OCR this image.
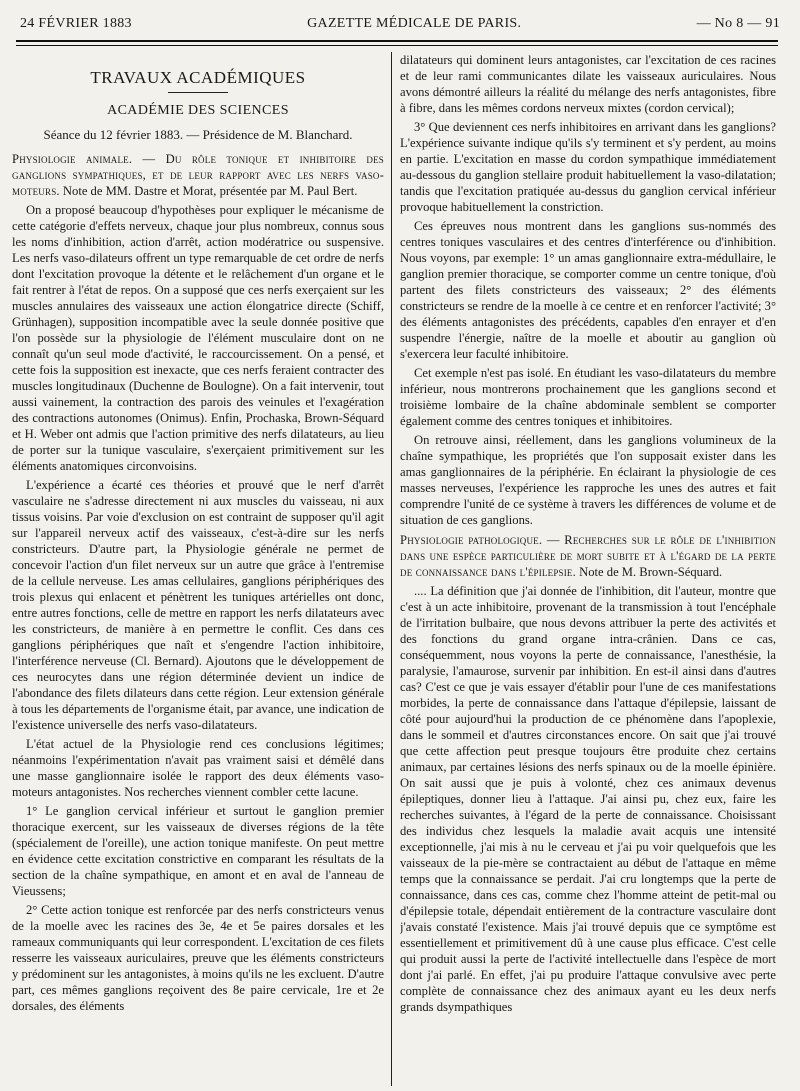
24 FÉVRIER 1883	GAZETTE MÉDICALE DE PARIS.	— No 8 — 91
TRAVAUX ACADÉMIQUES
ACADÉMIE DES SCIENCES
Séance du 12 février 1883. — Présidence de M. Blanchard.

Physiologie animale. — Du rôle tonique et inhibitoire des ganglions sympathiques, et de leur rapport avec les nerfs vaso-moteurs. Note de MM. Dastre et Morat, présentée par M. Paul Bert.

On a proposé beaucoup d'hypothèses pour expliquer le mécanisme de cette catégorie d'effets nerveux, chaque jour plus nombreux, connus sous les noms d'inhibition, action d'arrêt, action modératrice ou suspensive. Les nerfs vaso-dilateurs offrent un type remarquable de cet ordre de nerfs dont l'excitation provoque la détente et le relâchement d'un organe et le fait rentrer à l'état de repos. On a supposé que ces nerfs exerçaient sur les muscles annulaires des vaisseaux une action élongatrice directe (Schiff, Grünhagen), supposition incompatible avec la seule donnée positive que l'on possède sur la physiologie de l'élément musculaire dont on ne connaît qu'un seul mode d'activité, le raccourcissement. On a pensé, et cette fois la supposition est inexacte, que ces nerfs feraient contracter des muscles longitudinaux (Duchenne de Boulogne). On a fait intervenir, tout aussi vainement, la contraction des parois des veinules et l'exagération des contractions autonomes (Onimus). Enfin, Prochaska, Brown-Séquard et H. Weber ont admis que l'action primitive des nerfs dilatateurs, au lieu de porter sur la tunique vasculaire, s'exerçaient primitivement sur les éléments anatomiques circonvoisins.

L'expérience a écarté ces théories et prouvé que le nerf d'arrêt vasculaire ne s'adresse directement ni aux muscles du vaisseau, ni aux tissus voisins. Par voie d'exclusion on est contraint de supposer qu'il agit sur l'appareil nerveux actif des vaisseaux, c'est-à-dire sur les nerfs constricteurs. D'autre part, la Physiologie générale ne permet de concevoir l'action d'un filet nerveux sur un autre que grâce à l'entremise de la cellule nerveuse. Les amas cellulaires, ganglions périphériques des trois plexus qui enlacent et pénètrent les tuniques artérielles ont donc, entre autres fonctions, celle de mettre en rapport les nerfs dilatateurs avec les constricteurs, de manière à en permettre le conflit. Ces dans ces ganglions périphériques que naît et s'engendre l'action inhibitoire, l'interférence nerveuse (Cl. Bernard). Ajoutons que le développement de ces neurocytes dans une région déterminée devient un indice de l'abondance des filets dilateurs dans cette région. Leur extension générale à tous les départements de l'organisme était, par avance, une indication de l'existence universelle des nerfs vaso-dilatateurs.

L'état actuel de la Physiologie rend ces conclusions légitimes; néanmoins l'expérimentation n'avait pas vraiment saisi et démêlé dans une masse ganglionnaire isolée le rapport des deux éléments vaso-moteurs antagonistes. Nos recherches viennent combler cette lacune.

1° Le ganglion cervical inférieur et surtout le ganglion premier thoracique exercent, sur les vaisseaux de diverses régions de la tête (spécialement de l'oreille), une action tonique manifeste. On peut mettre en évidence cette excitation constrictive en comparant les résultats de la section de la chaîne sympathique, en amont et en aval de l'anneau de Vieussens;

2° Cette action tonique est renforcée par des nerfs constricteurs venus de la moelle avec les racines des 3e, 4e et 5e paires dorsales et les rameaux communiquants qui leur correspondent. L'excitation de ces filets resserre les vaisseaux auriculaires, preuve que les éléments constricteurs y prédominent sur les antagonistes, à moins qu'ils ne les excluent. D'autre part, ces mêmes ganglions reçoivent des 8e paire cervicale, 1re et 2e dorsales, des éléments

dilatateurs qui dominent leurs antagonistes, car l'excitation de ces racines et de leur rami communicantes dilate les vaisseaux auriculaires. Nous avons démontré ailleurs la réalité du mélange des nerfs antagonistes, fibre à fibre, dans les mêmes cordons nerveux mixtes (cordon cervical);

3° Que deviennent ces nerfs inhibitoires en arrivant dans les ganglions? L'expérience suivante indique qu'ils s'y terminent et s'y perdent, au moins en partie. L'excitation en masse du cordon sympathique immédiatement au-dessous du ganglion stellaire produit habituellement la vaso-dilatation; tandis que l'excitation pratiquée au-dessus du ganglion cervical inférieur provoque habituellement la constriction.

Ces épreuves nous montrent dans les ganglions sus-nommés des centres toniques vasculaires et des centres d'interférence ou d'inhibition. Nous voyons, par exemple: 1° un amas ganglionnaire extra-médullaire, le ganglion premier thoracique, se comporter comme un centre tonique, d'où partent des filets constricteurs des vaisseaux; 2° des éléments constricteurs se rendre de la moelle à ce centre et en renforcer l'activité; 3° des éléments antagonistes des précédents, capables d'en enrayer et d'en suspendre l'énergie, naître de la moelle et aboutir au ganglion où s'exercera leur faculté inhibitoire.

Cet exemple n'est pas isolé. En étudiant les vaso-dilatateurs du membre inférieur, nous montrerons prochainement que les ganglions second et troisième lombaire de la chaîne abdominale semblent se comporter également comme des centres toniques et inhibitoires.

On retrouve ainsi, réellement, dans les ganglions volumineux de la chaîne sympathique, les propriétés que l'on supposait exister dans les amas ganglionnaires de la périphérie. En éclairant la physiologie de ces masses nerveuses, l'expérience les rapproche les unes des autres et fait comprendre l'unité de ce système à travers les différences de volume et de situation de ces ganglions.

Physiologie pathologique. — Recherches sur le rôle de l'inhibition dans une espèce particulière de mort subite et à l'égard de la perte de connaissance dans l'épilepsie. Note de M. Brown-Séquard.

.... La définition que j'ai donnée de l'inhibition, dit l'auteur, montre que c'est à un acte inhibitoire, provenant de la transmission à tout l'encéphale de l'irritation bulbaire, que nous devons attribuer la perte des activités et des fonctions du grand organe intra-crânien. Dans ce cas, conséquemment, nous voyons la perte de connaissance, l'anesthésie, la paralysie, l'amaurose, survenir par inhibition. En est-il ainsi dans d'autres cas? C'est ce que je vais essayer d'établir pour l'une de ces manifestations morbides, la perte de connaissance dans l'attaque d'épilepsie, laissant de côté pour aujourd'hui la production de ce phénomène dans l'apoplexie, dans le sommeil et d'autres circonstances encore. On sait que j'ai trouvé que cette affection peut presque toujours être produite chez certains animaux, par certaines lésions des nerfs spinaux ou de la moelle épinière. On sait aussi que je puis à volonté, chez ces animaux devenus épileptiques, donner lieu à l'attaque. J'ai ainsi pu, chez eux, faire les recherches suivantes, à l'égard de la perte de connaissance. Choisissant des individus chez lesquels la maladie avait acquis une intensité exceptionnelle, j'ai mis à nu le cerveau et j'ai pu voir quelquefois que les vaisseaux de la pie-mère se contractaient au début de l'attaque en même temps que la connaissance se perdait. J'ai cru longtemps que la perte de connaissance, dans ces cas, comme chez l'homme atteint de petit-mal ou d'épilepsie totale, dépendait entièrement de la contracture vasculaire dont j'avais constaté l'existence. Mais j'ai trouvé depuis que ce symptôme est essentiellement et primitivement dû à une cause plus efficace. C'est celle qui produit aussi la perte de l'activité intellectuelle dans l'espèce de mort dont j'ai parlé. En effet, j'ai pu produire l'attaque convulsive avec perte complète de connaissance chez des animaux ayant eu les deux nerfs grands dsympathiques
